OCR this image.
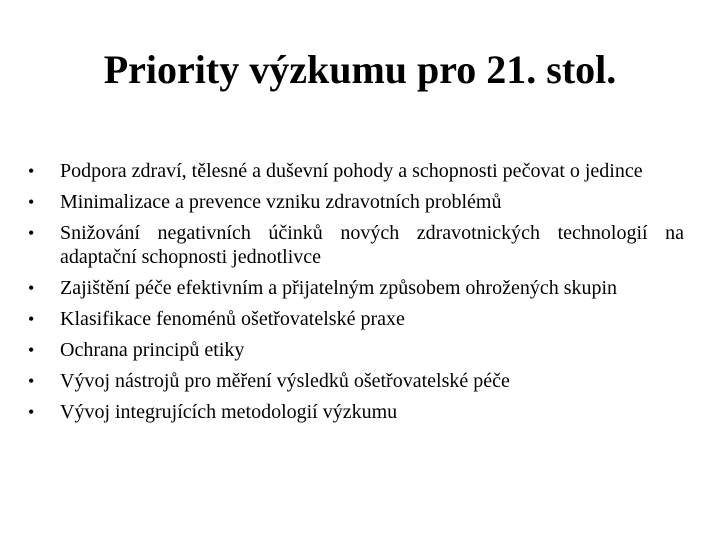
Priority výzkumu pro 21. stol.
•	Podpora zdraví, tělesné a duševní pohody a schopnosti pečovat o jedince
•	Minimalizace a prevence vzniku zdravotních problémů
•	Snižování negativních účinků nových zdravotnických technologií na adaptační schopnosti jednotlivce
•	Zajištění péče efektivním a přijatelným způsobem ohrožených skupin
•	Klasifikace fenoménů ošetřovatelské praxe
•	Ochrana principů etiky
•	Vývoj nástrojů pro měření výsledků ošetřovatelské péče
•	Vývoj integrujících metodologií výzkumu
